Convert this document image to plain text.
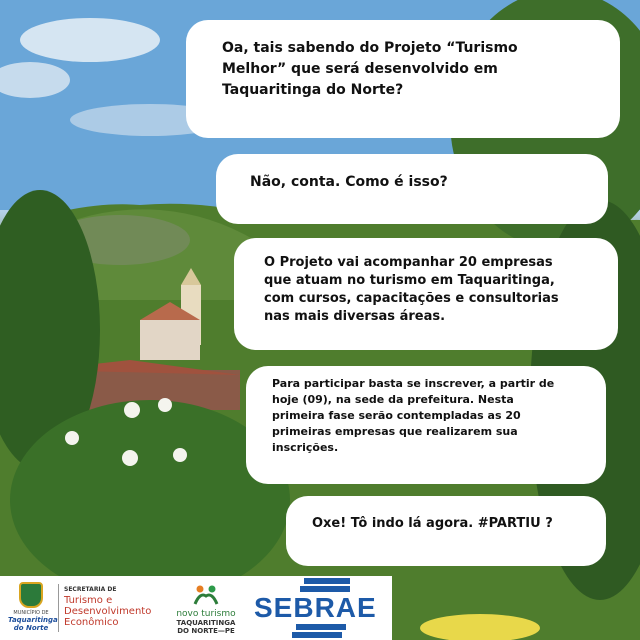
Oa, tais sabendo do Projeto “Turismo
Melhor” que será desenvolvido em
Taquaritinga do Norte?
Não, conta. Como é isso?
O Projeto vai acompanhar 20 empresas
que atuam no turismo em Taquaritinga,
com cursos, capacitações e consultorias
nas mais diversas áreas.
Para participar basta se inscrever, a partir de
hoje (09), na sede da prefeitura. Nesta
primeira fase serão contempladas as 20
primeiras empresas que realizarem sua
inscrições.
Oxe! Tô indo lá agora. #PARTIU ?
MUNICÍPIO DE
Taquaritinga
do Norte
SECRETARIA DE
Turismo e
Desenvolvimento
Econômico
novo turismo
TAQUARITINGA
DO NORTE—PE
SEBRAE
